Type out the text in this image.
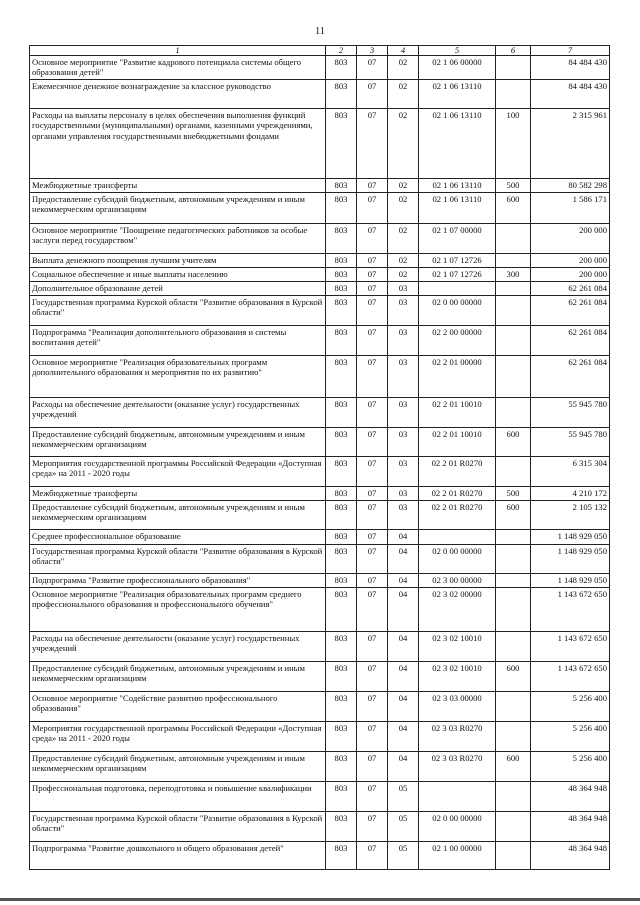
11
1	2	3	4	5	6	7
Основное мероприятие "Развитие кадрового потенциала системы общего образования детей"	803	07	02	02 1 06 00000		84 484 430
Ежемесячное денежное вознаграждение за классное руководство	803	07	02	02 1 06 13110		84 484 430
Расходы на выплаты персоналу в целях обеспечения выполнения функций государственными (муниципальными) органами, казенными учреждениями, органами управления государственными внебюджетными фондами	803	07	02	02 1 06 13110	100	2 315 961
Межбюджетные трансферты	803	07	02	02 1 06 13110	500	80 582 298
Предоставление субсидий бюджетным, автономным учреждениям и иным некоммерческим организациям	803	07	02	02 1 06 13110	600	1 586 171
Основное мероприятие "Поощрение педагогических работников за особые заслуги перед государством"	803	07	02	02 1 07 00000		200 000
Выплата денежного поощрения лучшим учителям	803	07	02	02 1 07 12726		200 000
Социальное обеспечение и иные выплаты населению	803	07	02	02 1 07 12726	300	200 000
Дополнительное образование детей	803	07	03			62 261 084
Государственная программа Курской области "Развитие образования в Курской области"	803	07	03	02 0 00 00000		62 261 084
Подпрограмма "Реализация дополнительного образования и системы воспитания детей"	803	07	03	02 2 00 00000		62 261 084
Основное мероприятие "Реализация образовательных программ дополнительного образования и мероприятия по их развитию"	803	07	03	02 2 01 00000		62 261 084
Расходы на обеспечение деятельности (оказание услуг) государственных учреждений	803	07	03	02 2 01 10010		55 945 780
Предоставление субсидий бюджетным, автономным учреждениям и иным некоммерческим организациям	803	07	03	02 2 01 10010	600	55 945 780
Мероприятия государственной программы Российской Федерации «Доступная среда» на 2011 - 2020 годы	803	07	03	02 2 01 R0270		6 315 304
Межбюджетные трансферты	803	07	03	02 2 01 R0270	500	4 210 172
Предоставление субсидий бюджетным, автономным учреждениям и иным некоммерческим организациям	803	07	03	02 2 01 R0270	600	2 105 132
Среднее профессиональное образование	803	07	04			1 148 929 050
Государственная программа Курской области "Развитие образования в Курской области"	803	07	04	02 0 00 00000		1 148 929 050
Подпрограмма "Развитие профессионального образования"	803	07	04	02 3 00 00000		1 148 929 050
Основное мероприятие "Реализация образовательных программ среднего профессионального образования и профессионального обучения"	803	07	04	02 3 02 00000		1 143 672 650
Расходы на обеспечение деятельности (оказание услуг) государственных учреждений	803	07	04	02 3 02 10010		1 143 672 650
Предоставление субсидий бюджетным, автономным учреждениям и иным некоммерческим организациям	803	07	04	02 3 02 10010	600	1 143 672 650
Основное мероприятие "Содействие развитию профессионального образования"	803	07	04	02 3 03 00000		5 256 400
Мероприятия государственной программы Российской Федерации «Доступная среда» на 2011 - 2020 годы	803	07	04	02 3 03 R0270		5 256 400
Предоставление субсидий бюджетным, автономным учреждениям и иным некоммерческим организациям	803	07	04	02 3 03 R0270	600	5 256 400
Профессиональная подготовка, переподготовка и повышение квалификации	803	07	05			48 364 948
Государственная программа Курской области "Развитие образования в Курской области"	803	07	05	02 0 00 00000		48 364 948
Подпрограмма "Развитие дошкольного и общего образования детей"	803	07	05	02 1 00 00000		48 364 948
